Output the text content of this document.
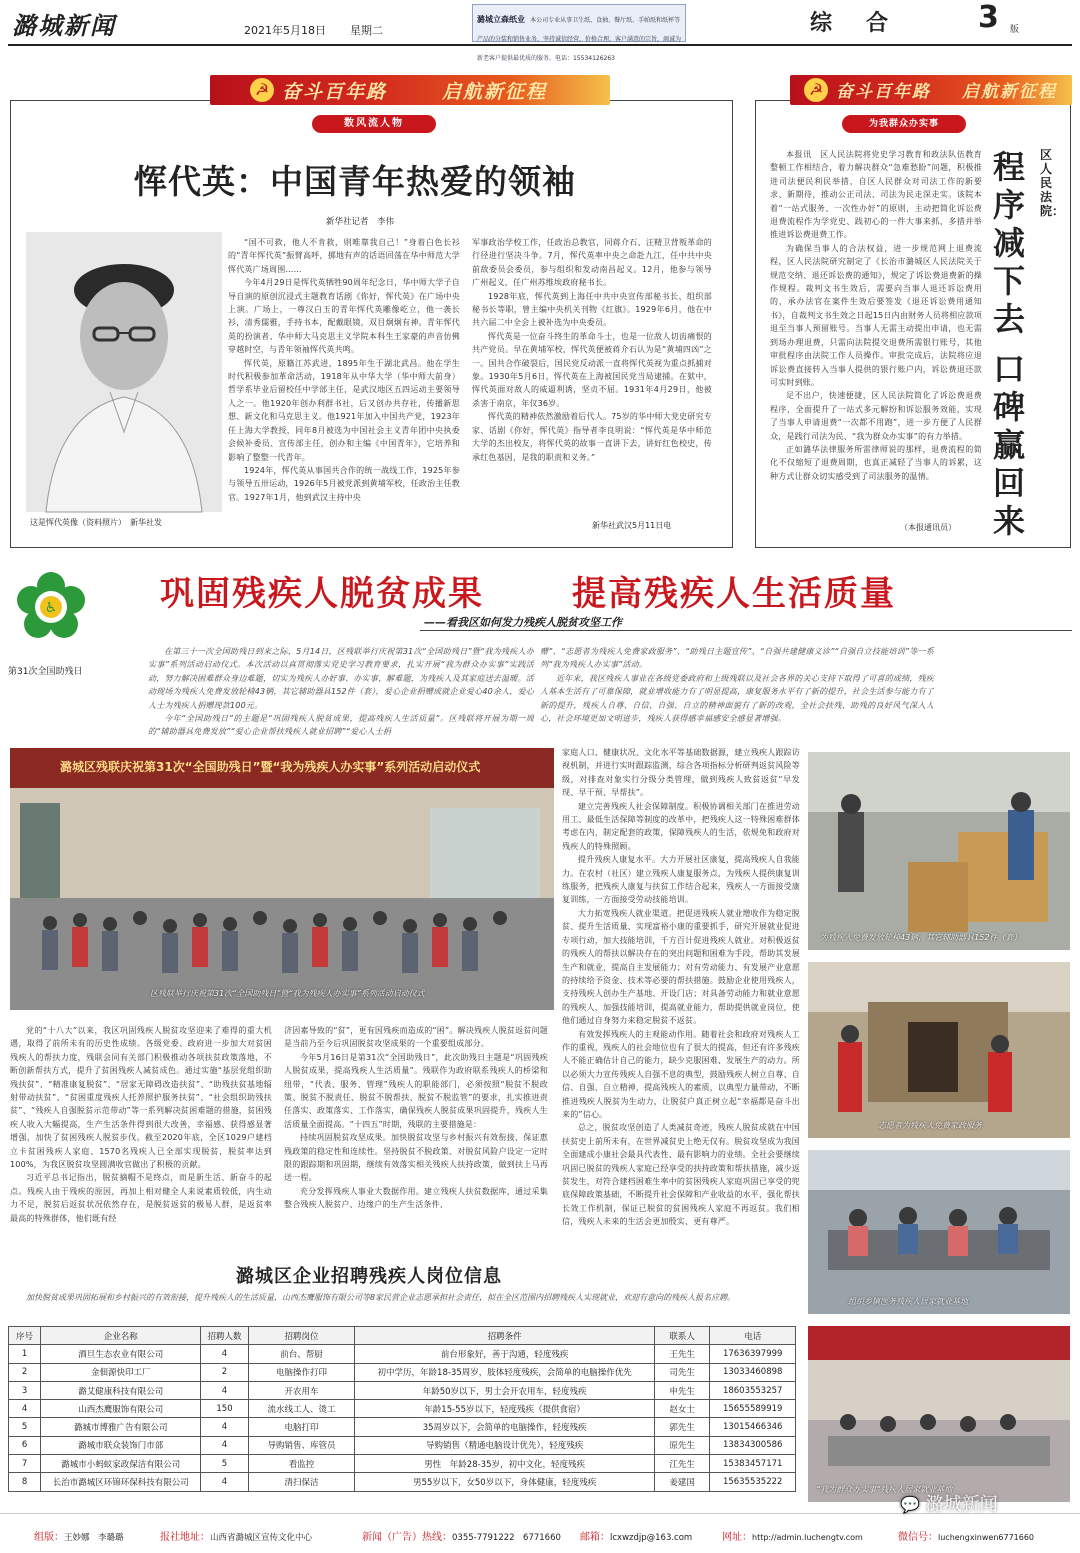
潞城新闻	2021年5月18日 星期二
潞城立森纸业 本公司专业从事卫生纸、食抽、餐厅纸、手帕纸和纸杯等产品的分装和销售业务，坚持诚信经营，价格合理，客户满意的宗旨，竭诚为新老客户提供最优质的服务。电话：15534126263
综　合	3 版
☭ 奋斗百年路	启航新征程
数风流人物
恽代英：中国青年热爱的领袖
新华社记者　李伟
这是恽代英像（资料照片）　新华社发

“国不可救，他人不肯救，则唯靠我自己！”身着白色长衫的“青年恽代英”振臂高呼，掷地有声的话语回荡在华中师范大学恽代英广场周围……

今年4月29日是恽代英牺牲90周年纪念日，华中师大学子自导自演的原创沉浸式主题教育话剧《你好，恽代英》在广场中央上演。广场上，一尊汉白玉的青年恽代英雕像屹立，他一袭长衫，清秀儒雅，手持书本，配戴眼镜，双目炯炯有神。青年恽代英的扮演者、华中师大马克思主义学院本科生王家豪的声音仿佛穿越时空，与青年领袖恽代英共鸣。

恽代英，原籍江苏武进，1895年生于湖北武昌。他在学生时代积极参加革命活动，1918年从中华大学（华中师大前身）哲学系毕业后留校任中学部主任，是武汉地区五四运动主要领导人之一。他1920年创办利群书社，后又创办共存社，传播新思想、新文化和马克思主义。他1921年加入中国共产党，1923年任上海大学教授，同年8月被选为中国社会主义青年团中央执委会候补委员、宣传部主任，创办和主编《中国青年》，它培养和影响了整整一代青年。

1924年，恽代英从事国共合作的统一战线工作，1925年参与领导五卅运动，1926年5月被党派到黄埔军校，任政治主任教官。1927年1月，他到武汉主持中央

军事政治学校工作，任政治总教官，同蒋介石、汪精卫背叛革命的行径进行坚决斗争。7月，恽代英率中央之命赴九江，任中共中央前敌委员会委员，参与组织和发动南昌起义。12月，他参与领导广州起义，任广州苏维埃政府秘书长。

1928年底，恽代英到上海任中共中央宣传部秘书长、组织部秘书长等职，曾主编中央机关刊物《红旗》。1929年6月，他在中共六届二中全会上被补选为中央委员。

恽代英是一位奋斗终生的革命斗士，也是一位敌人切齿痛恨的共产党员。早在黄埔军校，恽代英便被蒋介石认为是“黄埔四凶”之一。国共合作破裂后，国民党反动派一直将恽代英视为重点抓捕对象。1930年5月6日，恽代英在上海被国民党当局逮捕。在狱中，恽代英面对敌人的威逼利诱，坚贞不屈。1931年4月29日，他被杀害于南京，年仅36岁。

恽代英的精神依然激励着后代人。75岁的华中师大党史研究专家、话剧《你好，恽代英》指导者李良明说：“恽代英是华中师范大学的杰出校友，将恽代英的故事一直讲下去，讲好红色校史，传承红色基因，是我的职责和义务。”

新华社武汉5月11日电
☭ 奋斗百年路 启航新征程
为我群众办实事

本报讯　区人民法院将党史学习教育和政法队伍教育整顿工作相结合，着力解决群众“急难愁盼”问题，积极推进司法便民利民举措，自区人民群众对司法工作的新要求、新期待，推动公正司法、司法为民走深走实。该院本着“一站式服务、一次性办好”的原则，主动把简化诉讼费退费流程作为学党史、践初心的一件大事来抓，多措并举推进诉讼费退费工作。

为确保当事人的合法权益，进一步规范网上退费流程，区人民法院研究制定了《长治市潞城区人民法院关于规范交纳、退还诉讼费的通知》，规定了诉讼费退费新的操作规程。裁判文书生效后，需要向当事人退还诉讼费用的，承办法官在案件生效后要签发《退还诉讼费用通知书》，自裁判文书生效之日起15日内由财务人员将相应款项退至当事人预留账号。当事人无需主动提出申请，也无需到场办理退费，只需向法院提交退费所需银行账号，其他审批程序由法院工作人员操作。审批完成后，法院将应退诉讼费直接转入当事人提供的银行账户内，诉讼费退还款可实时到账。

足不出户，快速便捷，区人民法院简化了诉讼费退费程序，全面提升了一站式多元解纷和诉讼服务效能，实现了当事人申请退费“一次都不用跑”，进一步方便了人民群众，是践行司法为民、“我为群众办实事”的有力举措。

正如潞华法律服务所雷律师说的那样，退费流程的简化不仅缩短了退费周期，也真正减轻了当事人的诉累，这种方式让群众切实感受到了司法服务的温情。

（本报通讯员）
区人民法院：
程序减下去
口碑赢回来
♿
第31次全国助残日
巩固残疾人脱贫成果	提高残疾人生活质量
——看我区如何发力残疾人脱贫攻坚工作

在第三十一次全国助残日到来之际，5月14日，区残联举行庆祝第31次“全国助残日”暨“我为残疾人办实事”系列活动启动仪式。本次活动以真贯彻落实党史学习教育要求，扎实开展“我为群众办实事”实践活动，努力解决困难群众身边难题，切实为残疾人办好事、办实事、解难题，为残疾人及其家庭送去温暖。活动现场为残疾人免费发放轮椅43辆，其它辅助器具152件（套），爱心企业捐赠成就企业爱心40余人，爱心人士为残疾人捐赠现款100元。

今年“全国助残日”的主题是“巩固残疾人脱贫成果，提高残疾人生活质量”。区残联将开展为期一周的“辅助器具免费发放”“爱心企业帮扶残疾人就业招聘”“爱心人士捐

赠”、“志愿者为残疾人免费家政服务”、“助残日主题宣传”、“自强共建健康义诊”“自强自立技能培训”等一系列“我为残疾人办实事”活动。

近年来，我区残疾人事业在各级党委政府和上级残联以及社会各界的关心支持下取得了可喜的成绩，残疾人基本生活有了可靠保障，就业增收能力有了明显提高，康复服务水平有了新的提升，社会生活参与能力有了新的提升，残疾人自尊、自信、自强、自立的精神面貌有了新的改观，全社会扶残、助残的良好风气深入人心，社会环境更加文明进步，残疾人获得感幸福感安全感显著增强。

潞城区残联庆祝第31次“全国助残日”暨“我为残疾人办实事”系列活动启动仪式
区残联举行庆祝第31次“全国助残日”暨“我为残疾人办实事”系列活动启动仪式

党的“十八大”以来，我区巩固残疾人脱贫攻坚迎来了难得的重大机遇，取得了前所未有的历史性成绩。各级党委、政府进一步加大对贫困残疾人的帮扶力度，残联会同有关部门积极推动各项扶贫政策落地，不断创新帮扶方式，提升了贫困残疾人减贫成色。通过实施“基层党组织助残扶贫”、“精准康复脱贫”、“居家无障碍改造扶贫”、“助残扶贫基地辐射带动扶贫”、“贫困重度残疾人托养照护服务扶贫”、“社会组织助残扶贫”、“残疾人自强脱贫示范带动”等一系列解决贫困难题的措施，贫困残疾人收入大幅提高，生产生活条件得到很大改善，幸福感、获得感显著增强，加快了贫困残疾人脱贫步伐。截至2020年底，全区1029户建档立卡贫困残疾人家庭、1570名残疾人已全部实现脱贫，脱贫率达到100%，为我区脱贫攻坚圆满收官做出了积极的贡献。

习近平总书记指出，脱贫摘帽不是终点，而是新生活、新奋斗的起点。残疾人由于残疾的原因，再加上相对健全人来说素质较低，内生动力不足，脱贫后返贫状况依然存在，是脱贫返贫的极易人群，是返贫率最高的特殊群体，他们既有经

济因素导致的“贫”，更有因残疾而造成的“困”。解决残疾人脱贫返贫问题是当前乃至今后巩固脱贫攻坚成果的一个重要组成部分。

今年5月16日是第31次“全国助残日”，此次助残日主题是“巩固残疾人脱贫成果，提高残疾人生活质量”。残联作为政府联系残疾人的桥梁和纽带，“代表、服务、管理”残疾人的职能部门，必须按照“脱贫不脱政策、脱贫不脱责任、脱贫不脱帮扶、脱贫不脱监管”的要求，扎实推进责任落实、政策落实、工作落实，确保残疾人脱贫成果巩固提升，残疾人生活质量全面提高。“十四五”时期，残联的主要措施是：

持续巩固脱贫攻坚成果。加快脱贫攻坚与乡村振兴有效衔接，保证惠残政策的稳定性和连续性。坚持脱贫不脱政策、对脱贫风险户设定一定时限的跟踪期和巩固期，继续有效落实相关残疾人扶持政策，做到扶上马再送一程。

充分发挥残疾人事业大数据作用。建立残疾人扶贫数据库，通过采集整合残疾人脱贫户、边缘户的生产生活条件、

家庭人口、健康状况、文化水平等基础数据源，建立残疾人跟踪访视机制，并进行实时跟踪监测，综合各项指标分析研判返贫风险等级，对排查对象实行分级分类管理，做到残疾人致贫返贫“早发现、早干预、早帮扶”。

建立完善残疾人社会保障制度。积极协调相关部门在推进劳动用工、最低生活保障等制度的改革中，把残疾人这一特殊困难群体考虑在内，制定配套的政策，保障残疾人的生活，依规免和政府对残疾人的特殊照顾。

提升残疾人康复水平。大力开展社区康复，提高残疾人自我能力。在农村（社区）建立残疾人康复服务点，为残疾人提供康复训练服务，把残疾人康复与扶贫工作结合起来，残疾人一方面接受康复训练，一方面接受劳动技能培训。

大力拓宽残疾人就业渠道。把促进残疾人就业增收作为稳定脱贫、提升生活质量、实现富裕小康的重要抓手，研究开展就业促进专项行动，加大技能培训，千方百计促进残疾人就业。对积极返贫的残疾人的帮扶以解决存在的突出问题和困难为手段，帮助其发展生产和就业，提高自主发展能力；对有劳动能力、有发展产业意愿的持续给予资金、技术等必要的帮扶措施。鼓励企业使用残疾人，支持残疾人创办生产基地、开设门店；对具备劳动能力和就业意愿的残疾人，加强技能培训，提高就业能力，帮助提供就业岗位，使他们通过自身努力来稳定脱贫不返贫。

有效发挥残疾人的主观能动作用。随着社会和政府对残疾人工作的重视，残疾人的社会地位也有了很大的提高，但还有许多残疾人不能正确估计自己的能力，缺少克服困难、发展生产的动力。所以必须大力宣传残疾人自强不息的典型，鼓励残疾人树立自尊、自信、自强、自立精神，提高残疾人的素质，以典型力量带动，不断推进残疾人脱贫为生动力，让脱贫户真正树立起“幸福都是奋斗出来的”信心。

总之，脱贫攻坚创造了人类减贫奇迹，残疾人脱贫成就在中国扶贫史上前所未有，在世界减贫史上绝无仅有。脱贫攻坚成为我国全面建成小康社会最具代表性、最有影响力的业绩。全社会要继续巩固已脱贫的残疾人家庭已经享受的扶持政策和帮扶措施，减少返贫发生，对符合建档困难生率中的贫困残疾人家庭巩固已享受的兜底保障政策基础，不断提升社会保障和产业收益的水平，强化帮扶长效工作机制，保证已脱贫的贫困残疾人家庭不再返贫。我们相信，残疾人未来的生活会更加殷实、更有尊严。

为残疾人免费发放轮椅43辆，其它辅助器具152件（套）
志愿者为残疾人免费家政服务
组织乡镇医务残疾人居家就业基地
“我为群众办实事”残疾人居家就业基地
潞城区企业招聘残疾人岗位信息
加快脱贫成果巩固拓展和乡村振兴的有效衔接，提升残疾人的生活质量，山西杰鹰服饰有限公司等8家民营企业志愿承担社会责任，拟在全区范围内招聘残疾人实现就业，欢迎有意向的残疾人报名应聘。
序号	企业名称	招聘人数	招聘岗位	招聘条件	联系人	电话
1	酒旦生态农业有限公司	4	前台、帮厨	前台形象好，善于沟通，轻度残疾	王先生	17636397999
2	金佃源快印工厂	2	电脑操作打印	初中学历，年龄18-35周岁，肢体轻度残疾，会简单的电脑操作优先	司先生	13033460898
3	潞艾健康科技有限公司	4	开农用车	年龄50岁以下，男士会开农用车，轻度残疾	申先生	18603553257
4	山西杰鹰服饰有限公司	150	流水线工人、烫工	年龄15-55岁以下，轻度残疾（提供食宿）	赵女士	15655589919
5	潞城市博雅广告有限公司	4	电脑打印	35周岁以下，会简单的电脑操作，轻度残疾	郭先生	13015466346
6	潞城市联众装饰门市部	4	导购销售、库管员	导购销售（精通电脑设计优先），轻度残疾	原先生	13834300586
7	潞城市小蚂蚁家政保洁有限公司	5	看监控	男性　年龄28-35岁，初中文化，轻度残疾	江先生	15383457171
8	长治市潞城区环锦环保科技有限公司	4	清扫保洁	男55岁以下，女50岁以下，身体健康，轻度残疾	姜建国	15635535222
组版：王妙娜　李璐璐	报社地址：山西省潞城区宣传文化中心	新闻（广告）热线：0355-7791222　6771660 邮箱：lcxwzdjp@163.com	网址：http://admin.luchengtv.com	微信号：luchengxinwen6771660
💬 潞城新闻
